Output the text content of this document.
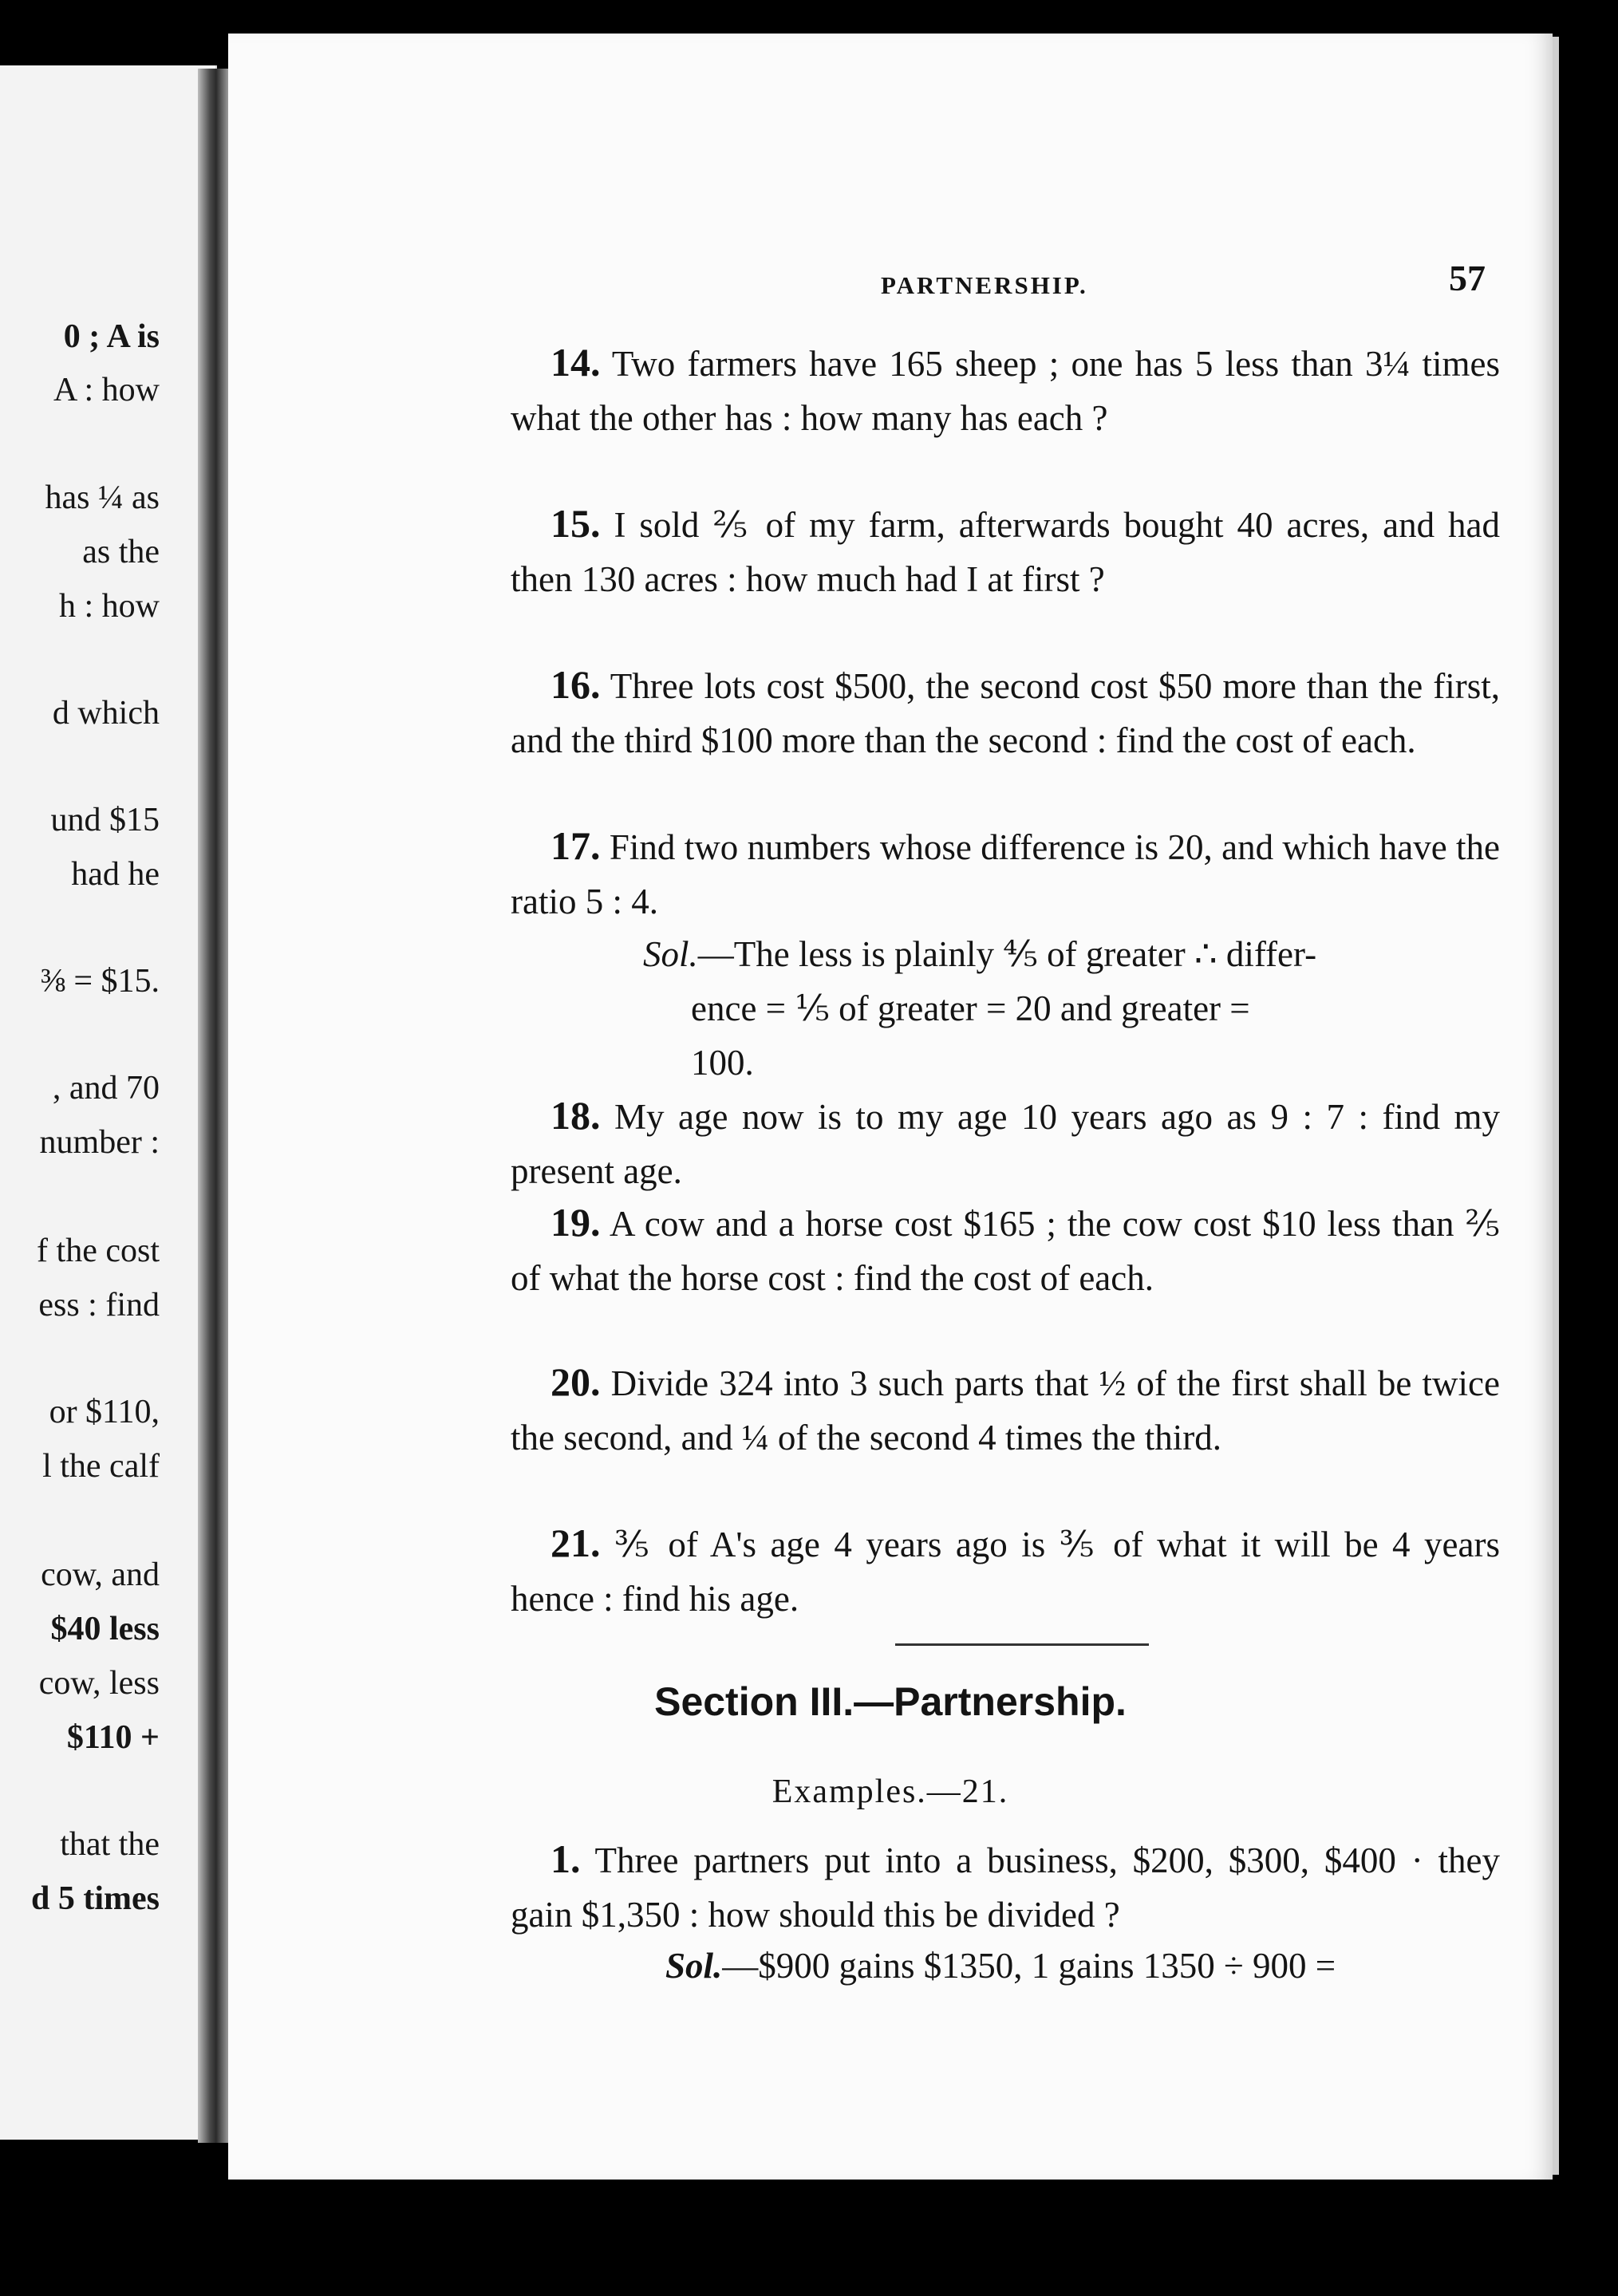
0 ; A is
A : how
has ¼ as
as the
h : how
d which
und $15
had he
⅜ = $15.
, and 70
number :
f the cost
ess : find
or $110,
l the calf
cow, and
$40 less
cow, less
$110 +
that the
d 5 times
PARTNERSHIP.	57
14. Two farmers have 165 sheep ; one has 5 less than 3¼ times what the other has : how many has each ?
15. I sold ⅖ of my farm, afterwards bought 40 acres, and had then 130 acres : how much had I at first ?
16. Three lots cost $500, the second cost $50 more than the first, and the third $100 more than the second : find the cost of each.
17. Find two numbers whose difference is 20, and which have the ratio 5 : 4.
Sol.—The less is plainly ⅘ of greater ∴ differ-
ence = ⅕ of greater = 20 and greater =
100.
18. My age now is to my age 10 years ago as 9 : 7 : find my present age.
19. A cow and a horse cost $165 ; the cow cost $10 less than ⅖ of what the horse cost : find the cost of each.
20. Divide 324 into 3 such parts that ½ of the first shall be twice the second, and ¼ of the second 4 times the third.
21. ⅗ of A's age 4 years ago is ⅗ of what it will be 4 years hence : find his age.
Section III.—Partnership.
Examples.—21.
1. Three partners put into a business, $200, $300, $400 · they gain $1,350 : how should this be divided ?
Sol.—$900 gains $1350, 1 gains 1350 ÷ 900 =
